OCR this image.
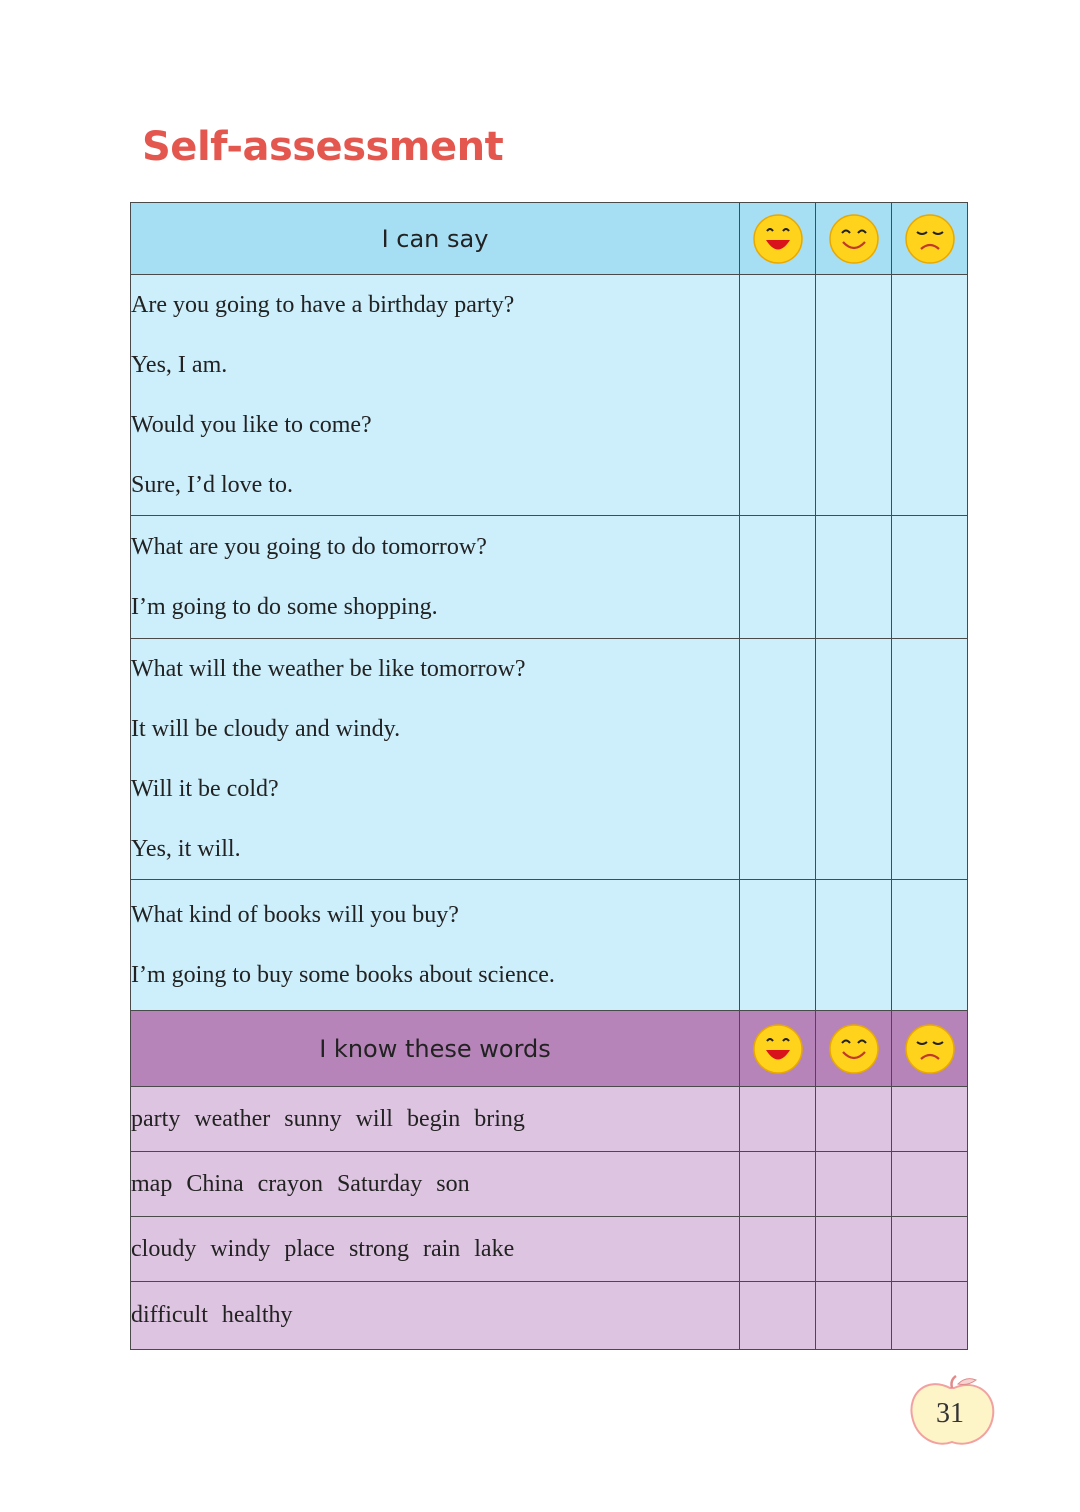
Self-assessment
I can say	

Are you going to have a birthday party?
Yes, I am.
Would you like to come?
Sure, I’d love to.			

What are you going to do tomorrow?
I’m going to do some shopping.			

What will the weather be like tomorrow?
It will be cloudy and windy.
Will it be cold?
Yes, it will.			

What kind of books will you buy?
I’m going to buy some books about science.			

I know these words	

party weather sunny will begin bring			
map China crayon Saturday son			
cloudy windy place strong rain lake			
difficult healthy			
31
